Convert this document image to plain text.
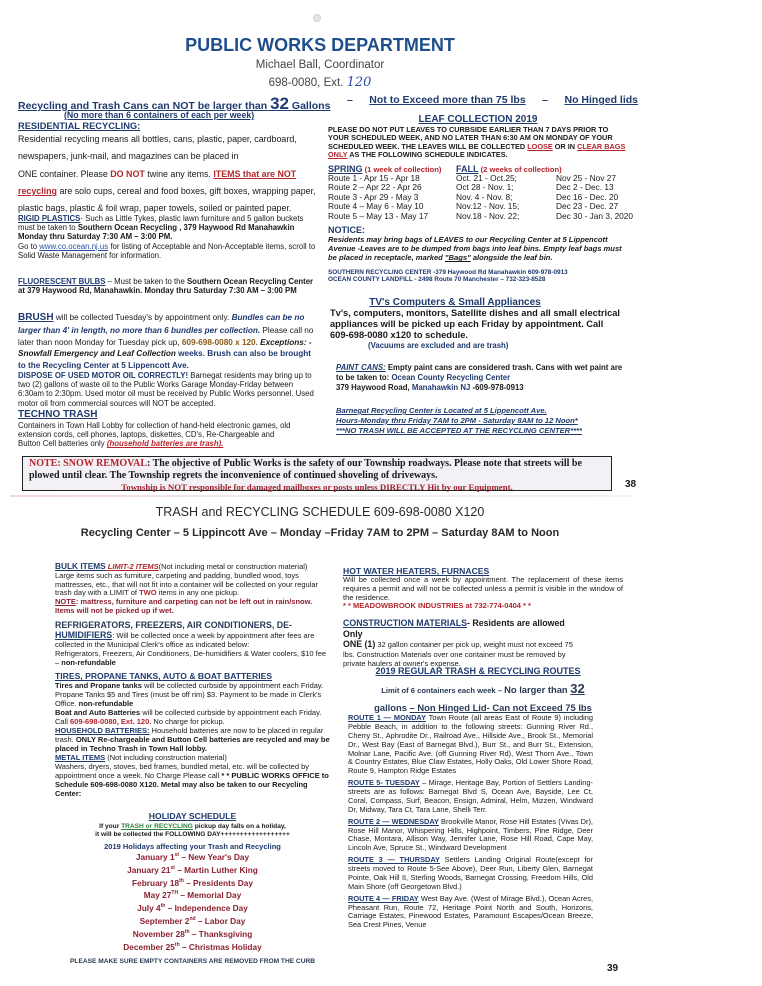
PUBLIC WORKS DEPARTMENT
Michael Ball, Coordinator
698-0080, Ext. 120
Recycling and Trash Cans can NOT be larger than 32 Gallons – Not to Exceed more than 75 lbs – No Hinged lids
(No more than 6 containers of each per week)
RESIDENTIAL RECYCLING:
Residential recycling means all bottles, cans, plastic, paper, cardboard,
newspapers, junk-mail, and magazines can be placed in
ONE container. Please DO NOT twine any items. ITEMS that are NOT
recycling are solo cups, cereal and food boxes, gift boxes, wrapping paper,
plastic bags, plastic & foil wrap, paper towels, soiled or painted paper.
RIGID PLASTICS- Such as Little Tykes, plastic lawn furniture and 5 gallon buckets must be taken to Southern Ocean Recycling , 379 Haywood Rd Manahawkin Monday thru Saturday 7:30 AM – 3:00 PM.
Go to www.co.ocean.nj.us for listing of Acceptable and Non-Acceptable items, scroll to Solid Waste Management for information.
FLUORESCENT BULBS – Must be taken to the Southern Ocean Recycling Center at 379 Haywood Rd, Manahawkin. Monday thru Saturday 7:30 AM – 3:00 PM
BRUSH will be collected Tuesday's by appointment only. Bundles can be no larger than 4' in length, no more than 6 bundles per collection. Please call no later than noon Monday for Tuesday pick up, 609-698-0080 x 120. Exceptions: - Snowfall Emergency and Leaf Collection weeks. Brush can also be brought to the Recycling Center at 5 Lippencott Ave.
DISPOSE OF USED MOTOR OIL CORRECTLY! Barnegat residents may bring up to two (2) gallons of waste oil to the Public Works Garage Monday-Friday between 6:30am to 2:30pm. Used motor oil must be received by Public Works personnel. Used motor oil from commercial sources will NOT be accepted.
TECHNO TRASH
Containers in Town Hall Lobby for collection of hand-held electronic games, old extension cords, cell phones, laptops, diskettes, CD's, Re-Chargeable and Button Cell batteries only (household batteries are trash).
LEAF COLLECTION 2019
PLEASE DO NOT PUT LEAVES TO CURBSIDE EARLIER THAN 7 DAYS PRIOR TO YOUR SCHEDULED WEEK, AND NO LATER THAN 6:30 AM ON MONDAY OF YOUR SCHEDULED WEEK. THE LEAVES WILL BE COLLECTED LOOSE OR IN CLEAR BAGS ONLY AS THE FOLLOWING SCHEDULE INDICATES.
SPRING (1 week of collection)	FALL (2 weeks of collection)
Route 1 - Apr 15 - Apr 18	Oct. 21 - Oct.25;	Nov 25 - Nov 27
Route 2 – Apr 22 - Apr 26	Oct 28 - Nov. 1;	Dec 2 - Dec. 13
Route 3 - Apr 29 - May 3	Nov. 4 - Nov. 8;	Dec 16 - Dec. 20
Route 4 – May 6 - May 10	Nov.12 - Nov. 15;	Dec 23 - Dec. 27
Route 5 – May 13 - May 17	Nov.18 - Nov. 22;	Dec 30 - Jan 3, 2020
NOTICE:
Residents may bring bags of LEAVES to our Recycling Center at 5 Lippencott Avenue -Leaves are to be dumped from bags into leaf bins. Empty leaf bags must be placed in receptacle, marked "Bags" alongside the leaf bin.
SOUTHERN RECYCLING CENTER -379 Haywood Rd Manahawkin 609-978-0913
OCEAN COUNTY LANDFILL - 2498 Route 70 Manchester – 732-323-8528
TV's Computers & Small Appliances
Tv's, computers, monitors, Satellite dishes and all small electrical appliances will be picked up each Friday by appointment. Call 609-698-0080 x120 to schedule.
(Vacuums are excluded and are trash)
PAINT CANS: Empty paint cans are considered trash. Cans with wet paint are to be taken to: Ocean County Recycling Center
379 Haywood Road, Manahawkin NJ -609-978-0913
Barnegat Recycling Center is Located at 5 Lippencott Ave.
Hours-Monday thru Friday 7AM to 2PM - Saturday 8AM to 12 Noon*
***NO TRASH WILL BE ACCEPTED AT THE RECYCLING CENTER****
NOTE: SNOW REMOVAL: The objective of Public Works is the safety of our Township roadways. Please note that streets will be plowed until clear. The Township regrets the inconvenience of continued shoveling of driveways.
Township is NOT responsible for damaged mailboxes or posts unless DIRECTLY Hit by our Equipment.	38
TRASH and RECYCLING SCHEDULE 609-698-0080 X120
Recycling Center – 5 Lippincott Ave – Monday –Friday 7AM to 2PM – Saturday 8AM to Noon
BULK ITEMS LIMIT-2 ITEMS(Not including metal or construction material)
Large items such as furniture, carpeting and padding, bundled wood, toys mattresses, etc., that will not fit into a container will be collected on your regular trash day with a LIMIT of TWO items in any one pickup.
NOTE: mattress, furniture and carpeting can not be left out in rain/snow. Items will not be picked up if wet.
REFRIGERATORS, FREEZERS, AIR CONDITIONERS, DE-
HUMIDIFIERS: Will be collected once a week by appointment after fees are collected in the Municipal Clerk's office as indicated below:
Refrigerators, Freezers, Air Conditioners, De-humidifiers & Water coolers, $10 fee – non-refundable
TIRES, PROPANE TANKS, AUTO & BOAT BATTERIES
Tires and Propane tanks will be collected curbside by appointment each Friday. Propane Tanks $5 and Tires (must be off rim) $3. Payment to be made in Clerk's Office. non-refundable
Boat and Auto Batteries will be collected curbside by appointment each Friday. Call 609-698-0080, Ext. 120. No charge for pickup.
HOUSEHOLD BATTERIES: Household batteries are now to be placed in regular trash. ONLY Re-chargeable and Button Cell batteries are recycled and may be placed in Techno Trash in Town Hall lobby.
METAL ITEMS (Not including construction material)
Washers, dryers, stoves, bed frames, bundled metal, etc. will be collected by appointment once a week. No Charge Please call * * PUBLIC WORKS OFFICE to Schedule 609-698-0080 X120. Metal may also be taken to our Recycling Center:
HOLIDAY SCHEDULE
If your TRASH or RECYCLING pickup day falls on a holiday,
it will be collected the FOLLOWING DAY++++++++++++++++++
2019 Holidays affecting your Trash and Recycling
January 1st – New Year's Day
January 21st – Martin Luther King
February 18th – Presidents Day
May 27TH – Memorial Day
July 4th – Independence Day
September 2nd – Labor Day
November 28th – Thanksgiving
December 25th – Christmas Holiday
PLEASE MAKE SURE EMPTY CONTAINERS ARE REMOVED FROM THE CURB
HOT WATER HEATERS, FURNACES
Will be collected once a week by appointment. The replacement of these items requires a permit and will not be collected unless a permit is visible in the window of the residence.
* * MEADOWBROOK INDUSTRIES at 732-774-0404 * *
CONSTRUCTION MATERIALS- Residents are allowed Only
ONE (1) 32 gallon container per pick up, weight must not exceed 75 lbs. Construction Materials over one container must be removed by private haulers at owner's expense.
2019 REGULAR TRASH & RECYCLING ROUTES
Limit of 6 containers each week – No larger than 32
gallons – Non Hinged Lid- Can not Exceed 75 lbs
ROUTE 1 — MONDAY Town Route (all areas East of Route 9) including Pebble Beach, in addition to the following streets: Gunning River Rd., Cherry St., Aphrodite Dr., Railroad Ave., Hillside Ave., Brook St., Memorial Dr., West Bay (East of Barnegat Blvd.), Burr St., and Burr St., Extension, Molnar Lane, Pacific Ave. (off Gunning River Rd), West Thorn Ave., Town & Country Estates, Blue Claw Estates, Holly Oaks, Old Lower Shore Road, Route 9, Hampton Ridge Estates
ROUTE 5- TUESDAY – Mirage, Heritage Bay, Portion of Settlers Landing-streets are as follows: Barnegat Blvd S, Ocean Ave, Bayside, Lee Ct, Coral, Compass, Surf, Beacon, Ensign, Admiral, Helm, Mizzen, Windward Dr, Midway, Tara Ct, Tara Lane, Shelli Terr.
ROUTE 2 — WEDNESDAY Brookville Manor, Rose Hill Estates (Vivas Dr), Rose Hill Manor, Whispering Hills, Highpoint, Timbers, Pine Ridge, Deer Chase, Montara, Allison Way, Jennifer Lane, Rose Hill Road, Cape May, Lincoln Ave, Spruce St., Windward Development
ROUTE 3 — THURSDAY Settlers Landing Original Route(except for streets moved to Route 5-See Above), Deer Run, Liberty Glen, Barnegat Pointe, Oak Hill II, Sterling Woods, Barnegat Crossing, Freedom Hills, Old Main Shore (off Georgetown Blvd.)
ROUTE 4 — FRIDAY West Bay Ave. (West of Mirage Blvd.), Ocean Acres, Pheasant Run, Route 72, Heritage Point North and South, Horizons, Carriage Estates, Pinewood Estates, Paramount Escapes/Ocean Breeze, Sea Crest Pines, Venue
39
